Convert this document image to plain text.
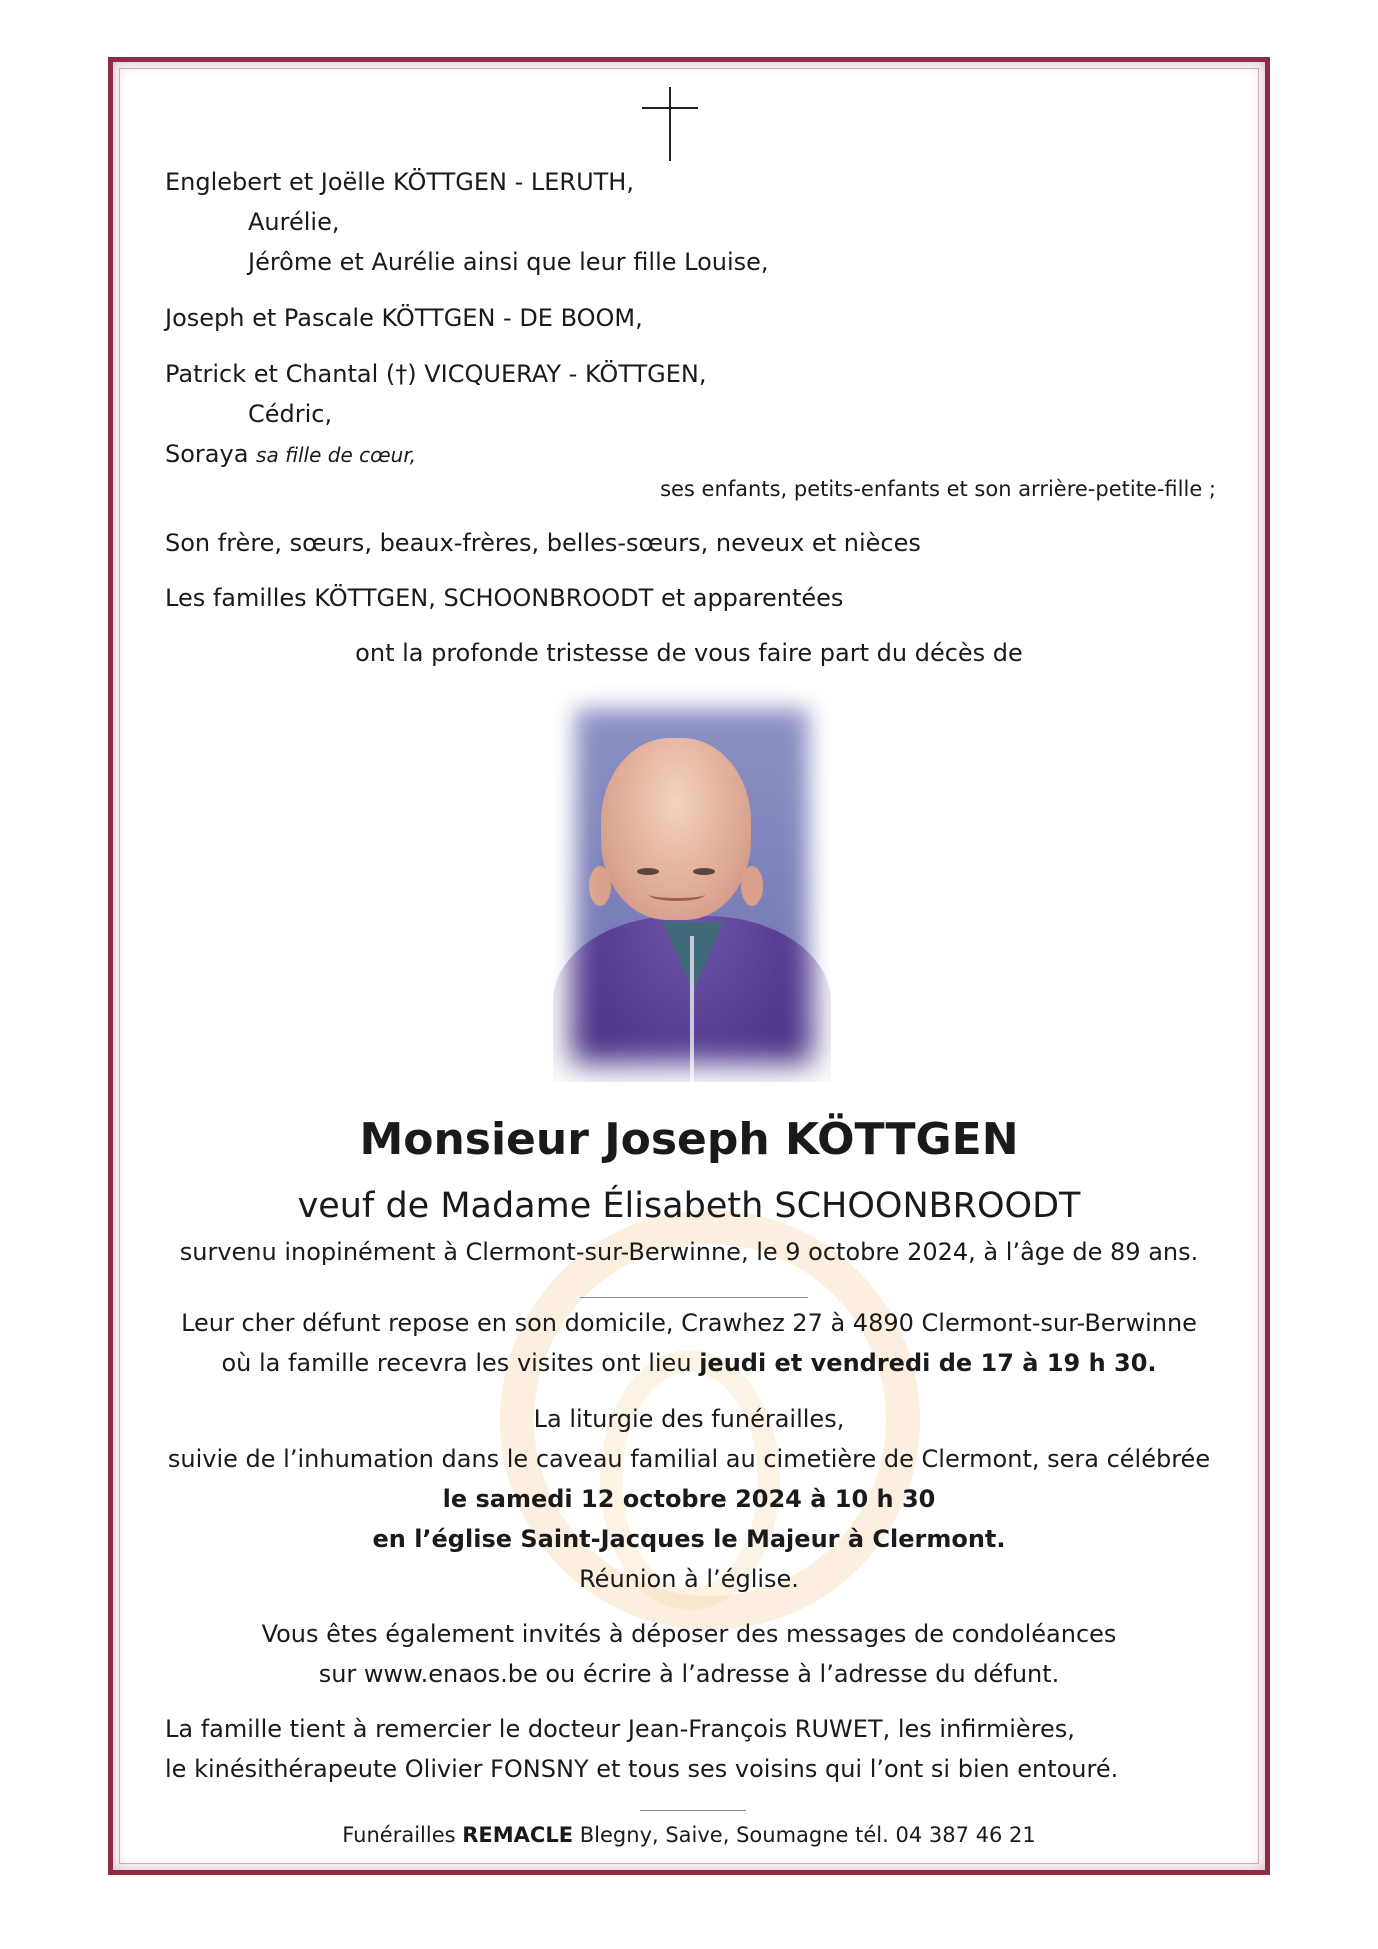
Englebert et Joëlle KÖTTGEN - LERUTH,
Aurélie,
Jérôme et Aurélie ainsi que leur fille Louise,
Joseph et Pascale KÖTTGEN - DE BOOM,
Patrick et Chantal (†) VICQUERAY - KÖTTGEN,
Cédric,
Soraya sa fille de cœur,
ses enfants, petits-enfants et son arrière-petite-fille ;
Son frère, sœurs, beaux-frères, belles-sœurs, neveux et nièces
Les familles KÖTTGEN, SCHOONBROODT et apparentées
ont la profonde tristesse de vous faire part du décès de
Monsieur Joseph KÖTTGEN
veuf de Madame Élisabeth SCHOONBROODT
survenu inopinément à Clermont-sur-Berwinne, le 9 octobre 2024, à l’âge de 89 ans.
Leur cher défunt repose en son domicile, Crawhez 27 à 4890 Clermont-sur-Berwinne
où la famille recevra les visites ont lieu jeudi et vendredi de 17 à 19 h 30.
La liturgie des funérailles,
suivie de l’inhumation dans le caveau familial au cimetière de Clermont, sera célébrée
le samedi 12 octobre 2024 à 10 h 30
en l’église Saint-Jacques le Majeur à Clermont.
Réunion à l’église.
Vous êtes également invités à déposer des messages de condoléances
sur www.enaos.be ou écrire à l’adresse à l’adresse du défunt.
La famille tient à remercier le docteur Jean-François RUWET, les infirmières,
le kinésithérapeute Olivier FONSNY et tous ses voisins qui l’ont si bien entouré.
Funérailles REMACLE Blegny, Saive, Soumagne tél. 04 387 46 21
